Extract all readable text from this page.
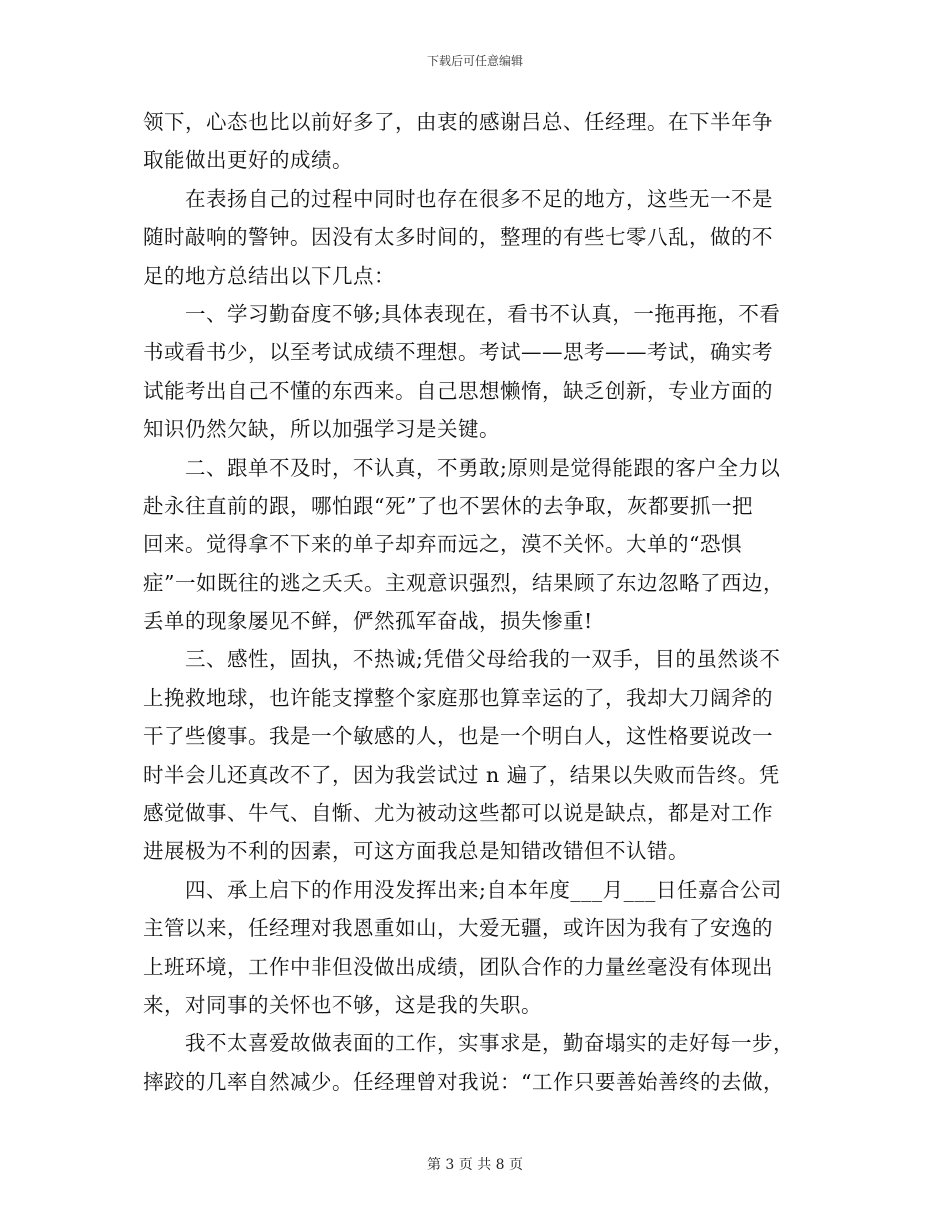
下载后可任意编辑
领下，心态也比以前好多了，由衷的感谢吕总、任经理。在下半年争
取能做出更好的成绩。
在表扬自己的过程中同时也存在很多不足的地方，这些无一不是
随时敲响的警钟。因没有太多时间的，整理的有些七零八乱，做的不
足的地方总结出以下几点：
一、学习勤奋度不够;具体表现在，看书不认真，一拖再拖，不看
书或看书少，以至考试成绩不理想。考试——思考——考试，确实考
试能考出自己不懂的东西来。自己思想懒惰，缺乏创新，专业方面的
知识仍然欠缺，所以加强学习是关键。
二、跟单不及时，不认真，不勇敢;原则是觉得能跟的客户全力以
赴永往直前的跟，哪怕跟“死”了也不罢休的去争取，灰都要抓一把
回来。觉得拿不下来的单子却弃而远之，漠不关怀。大单的“恐惧
症”一如既往的逃之夭夭。主观意识强烈，结果顾了东边忽略了西边，
丢单的现象屡见不鲜，俨然孤军奋战，损失惨重!
三、感性，固执，不热诚;凭借父母给我的一双手，目的虽然谈不
上挽救地球，也许能支撑整个家庭那也算幸运的了，我却大刀阔斧的
干了些傻事。我是一个敏感的人，也是一个明白人，这性格要说改一
时半会儿还真改不了，因为我尝试过 n 遍了，结果以失败而告终。凭
感觉做事、牛气、自惭、尤为被动这些都可以说是缺点，都是对工作
进展极为不利的因素，可这方面我总是知错改错但不认错。
四、承上启下的作用没发挥出来;自本年度___月___日任嘉合公司
主管以来，任经理对我恩重如山，大爱无疆，或许因为我有了安逸的
上班环境，工作中非但没做出成绩，团队合作的力量丝毫没有体现出
来，对同事的关怀也不够，这是我的失职。
我不太喜爱故做表面的工作，实事求是，勤奋塌实的走好每一步，
摔跤的几率自然减少。任经理曾对我说：“工作只要善始善终的去做，
第 3 页 共 8 页
